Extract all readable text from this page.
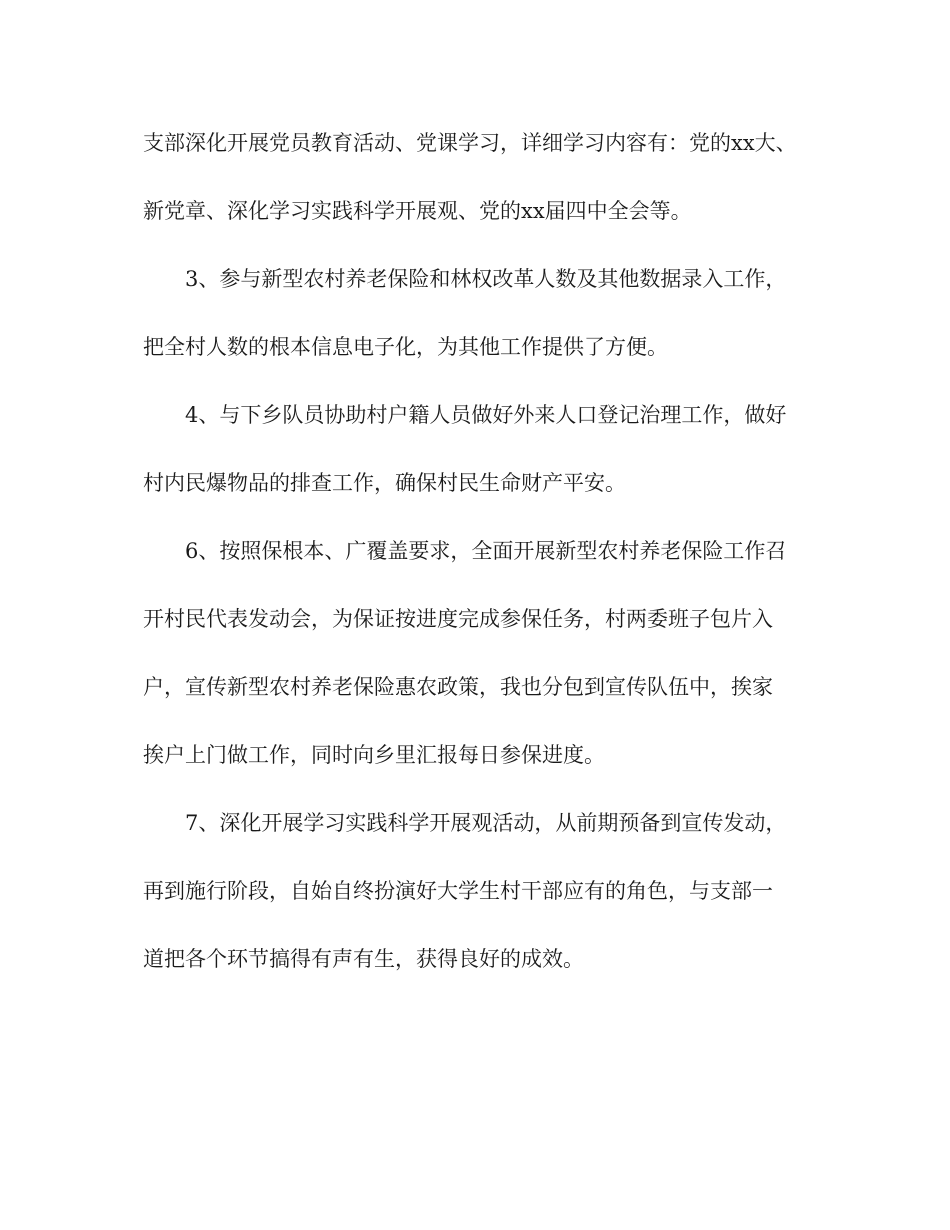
支部深化开展党员教育活动、党课学习，详细学习内容有：党的xx大、
新党章、深化学习实践科学开展观、党的xx届四中全会等。
3、参与新型农村养老保险和林权改革人数及其他数据录入工作，
把全村人数的根本信息电子化，为其他工作提供了方便。
4、与下乡队员协助村户籍人员做好外来人口登记治理工作，做好
村内民爆物品的排查工作，确保村民生命财产平安。
6、按照保根本、广覆盖要求，全面开展新型农村养老保险工作召
开村民代表发动会，为保证按进度完成参保任务，村两委班子包片入
户，宣传新型农村养老保险惠农政策，我也分包到宣传队伍中，挨家
挨户上门做工作，同时向乡里汇报每日参保进度。
7、深化开展学习实践科学开展观活动，从前期预备到宣传发动，
再到施行阶段，自始自终扮演好大学生村干部应有的角色，与支部一
道把各个环节搞得有声有生，获得良好的成效。
